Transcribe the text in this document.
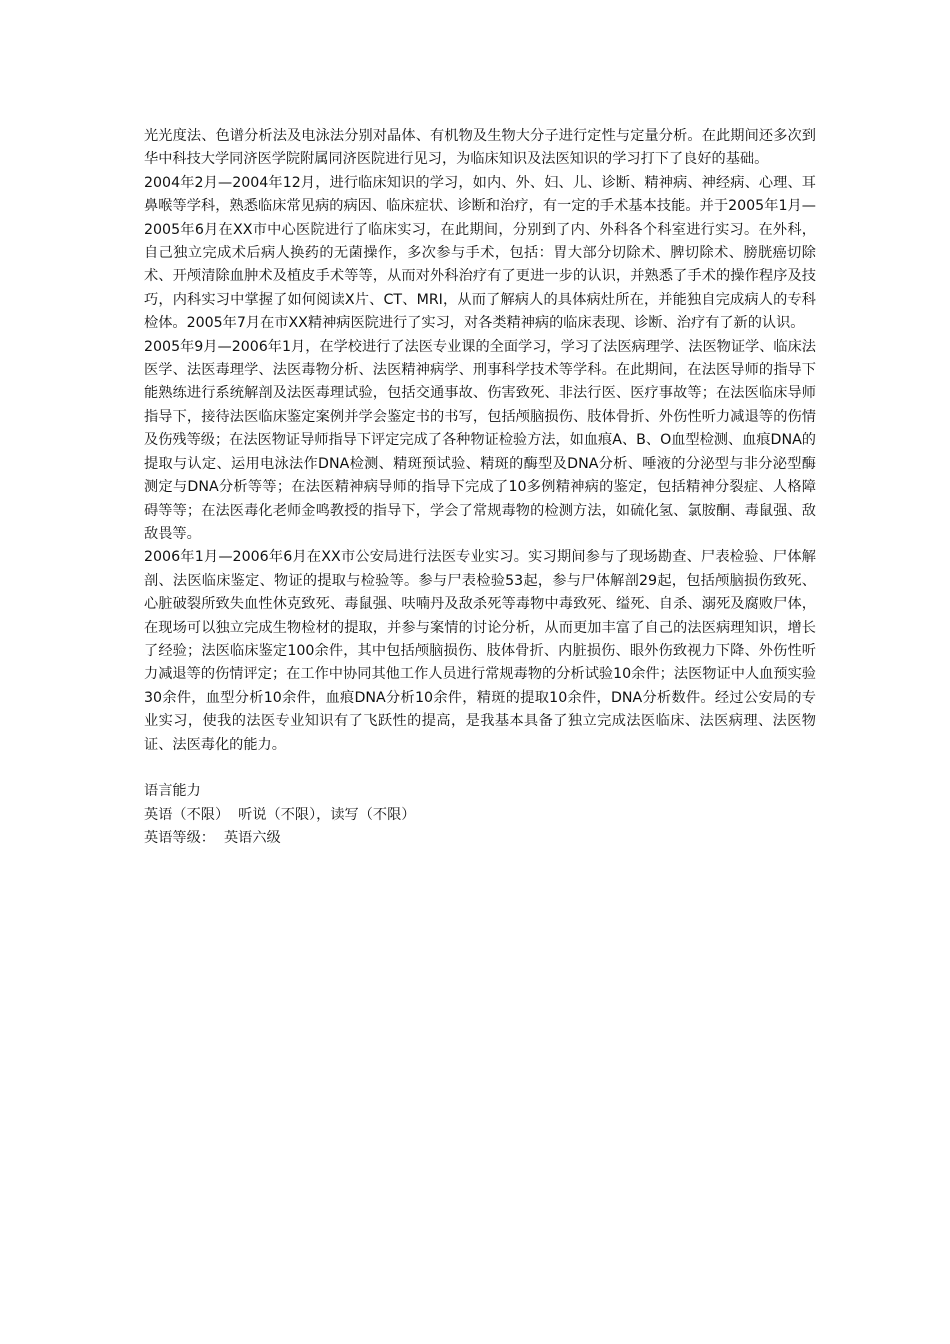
光光度法、色谱分析法及电泳法分别对晶体、有机物及生物大分子进行定性与定量分析。在此期间还多次到华中科技大学同济医学院附属同济医院进行见习，为临床知识及法医知识的学习打下了良好的基础。

2004年2月—2004年12月，进行临床知识的学习，如内、外、妇、儿、诊断、精神病、神经病、心理、耳鼻喉等学科，熟悉临床常见病的病因、临床症状、诊断和治疗，有一定的手术基本技能。并于2005年1月—2005年6月在XX市中心医院进行了临床实习，在此期间，分别到了内、外科各个科室进行实习。在外科，自己独立完成术后病人换药的无菌操作，多次参与手术，包括：胃大部分切除术、脾切除术、膀胱癌切除术、开颅清除血肿术及植皮手术等等，从而对外科治疗有了更进一步的认识，并熟悉了手术的操作程序及技巧，内科实习中掌握了如何阅读X片、CT、MRI，从而了解病人的具体病灶所在，并能独自完成病人的专科检体。2005年7月在市XX精神病医院进行了实习，对各类精神病的临床表现、诊断、治疗有了新的认识。

2005年9月—2006年1月，在学校进行了法医专业课的全面学习，学习了法医病理学、法医物证学、临床法医学、法医毒理学、法医毒物分析、法医精神病学、刑事科学技术等学科。在此期间，在法医导师的指导下能熟练进行系统解剖及法医毒理试验，包括交通事故、伤害致死、非法行医、医疗事故等；在法医临床导师指导下，接待法医临床鉴定案例并学会鉴定书的书写，包括颅脑损伤、肢体骨折、外伤性听力减退等的伤情及伤残等级；在法医物证导师指导下评定完成了各种物证检验方法，如血痕A、B、O血型检测、血痕DNA的提取与认定、运用电泳法作DNA检测、精斑预试验、精斑的酶型及DNA分析、唾液的分泌型与非分泌型酶测定与DNA分析等等；在法医精神病导师的指导下完成了10多例精神病的鉴定，包括精神分裂症、人格障碍等等；在法医毒化老师金鸣教授的指导下，学会了常规毒物的检测方法，如硫化氢、氯胺酮、毒鼠强、敌敌畏等。

2006年1月—2006年6月在XX市公安局进行法医专业实习。实习期间参与了现场勘查、尸表检验、尸体解剖、法医临床鉴定、物证的提取与检验等。参与尸表检验53起，参与尸体解剖29起，包括颅脑损伤致死、心脏破裂所致失血性休克致死、毒鼠强、呋喃丹及敌杀死等毒物中毒致死、缢死、自杀、溺死及腐败尸体，在现场可以独立完成生物检材的提取，并参与案情的讨论分析，从而更加丰富了自己的法医病理知识，增长了经验；法医临床鉴定100余件，其中包括颅脑损伤、肢体骨折、内脏损伤、眼外伤致视力下降、外伤性听力减退等的伤情评定；在工作中协同其他工作人员进行常规毒物的分析试验10余件；法医物证中人血预实验30余件，血型分析10余件，血痕DNA分析10余件，精斑的提取10余件，DNA分析数件。经过公安局的专业实习，使我的法医专业知识有了飞跃性的提高，是我基本具备了独立完成法医临床、法医病理、法医物证、法医毒化的能力。

语言能力

英语（不限）  听说（不限），读写（不限）

英语等级：  英语六级
